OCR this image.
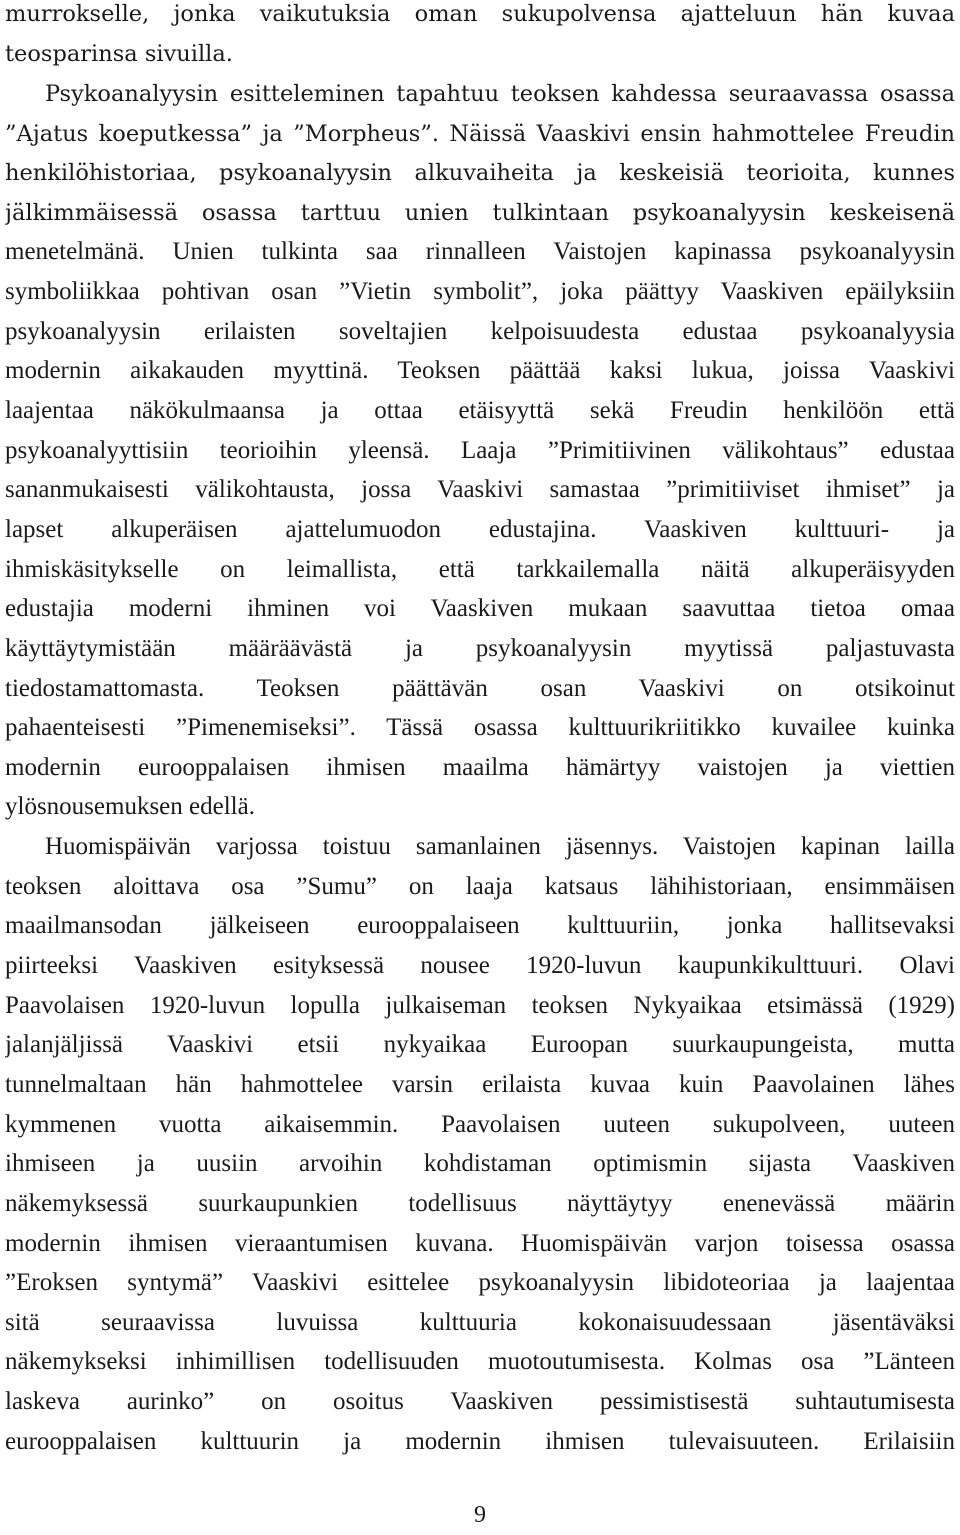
murrokselle, jonka vaikutuksia oman sukupolvensa ajatteluun hän kuvaa
teosparinsa sivuilla.
Psykoanalyysin esitteleminen tapahtuu teoksen kahdessa seuraavassa osassa
”Ajatus koeputkessa” ja ”Morpheus”. Näissä Vaaskivi ensin hahmottelee Freudin
henkilöhistoriaa, psykoanalyysin alkuvaiheita ja keskeisiä teorioita, kunnes
jälkimmäisessä osassa tarttuu unien tulkintaan psykoanalyysin keskeisenä
menetelmänä. Unien tulkinta saa rinnalleen Vaistojen kapinassa psykoanalyysin
symboliikkaa pohtivan osan ”Vietin symbolit”, joka päättyy Vaaskiven epäilyksiin
psykoanalyysin erilaisten soveltajien kelpoisuudesta edustaa psykoanalyysia
modernin aikakauden myyttinä. Teoksen päättää kaksi lukua, joissa Vaaskivi
laajentaa näkökulmaansa ja ottaa etäisyyttä sekä Freudin henkilöön että
psykoanalyyttisiin teorioihin yleensä. Laaja ”Primitiivinen välikohtaus” edustaa
sananmukaisesti välikohtausta, jossa Vaaskivi samastaa ”primitiiviset ihmiset” ja
lapset alkuperäisen ajattelumuodon edustajina. Vaaskiven kulttuuri- ja
ihmiskäsitykselle on leimallista, että tarkkailemalla näitä alkuperäisyyden
edustajia moderni ihminen voi Vaaskiven mukaan saavuttaa tietoa omaa
käyttäytymistään määräävästä ja psykoanalyysin myytissä paljastuvasta
tiedostamattomasta. Teoksen päättävän osan Vaaskivi on otsikoinut
pahaenteisesti ”Pimenemiseksi”. Tässä osassa kulttuurikriitikko kuvailee kuinka
modernin eurooppalaisen ihmisen maailma hämärtyy vaistojen ja viettien
ylösnousemuksen edellä.
Huomispäivän varjossa toistuu samanlainen jäsennys. Vaistojen kapinan lailla
teoksen aloittava osa ”Sumu” on laaja katsaus lähihistoriaan, ensimmäisen
maailmansodan jälkeiseen eurooppalaiseen kulttuuriin, jonka hallitsevaksi
piirteeksi Vaaskiven esityksessä nousee 1920-luvun kaupunkikulttuuri. Olavi
Paavolaisen 1920-luvun lopulla julkaiseman teoksen Nykyaikaa etsimässä (1929)
jalanjäljissä Vaaskivi etsii nykyaikaa Euroopan suurkaupungeista, mutta
tunnelmaltaan hän hahmottelee varsin erilaista kuvaa kuin Paavolainen lähes
kymmenen vuotta aikaisemmin. Paavolaisen uuteen sukupolveen, uuteen
ihmiseen ja uusiin arvoihin kohdistaman optimismin sijasta Vaaskiven
näkemyksessä suurkaupunkien todellisuus näyttäytyy enenevässä määrin
modernin ihmisen vieraantumisen kuvana. Huomispäivän varjon toisessa osassa
”Eroksen syntymä” Vaaskivi esittelee psykoanalyysin libidoteoriaa ja laajentaa
sitä seuraavissa luvuissa kulttuuria kokonaisuudessaan jäsentäväksi
näkemykseksi inhimillisen todellisuuden muotoutumisesta. Kolmas osa ”Länteen
laskeva aurinko” on osoitus Vaaskiven pessimistisestä suhtautumisesta
eurooppalaisen kulttuurin ja modernin ihmisen tulevaisuuteen. Erilaisiin
9
